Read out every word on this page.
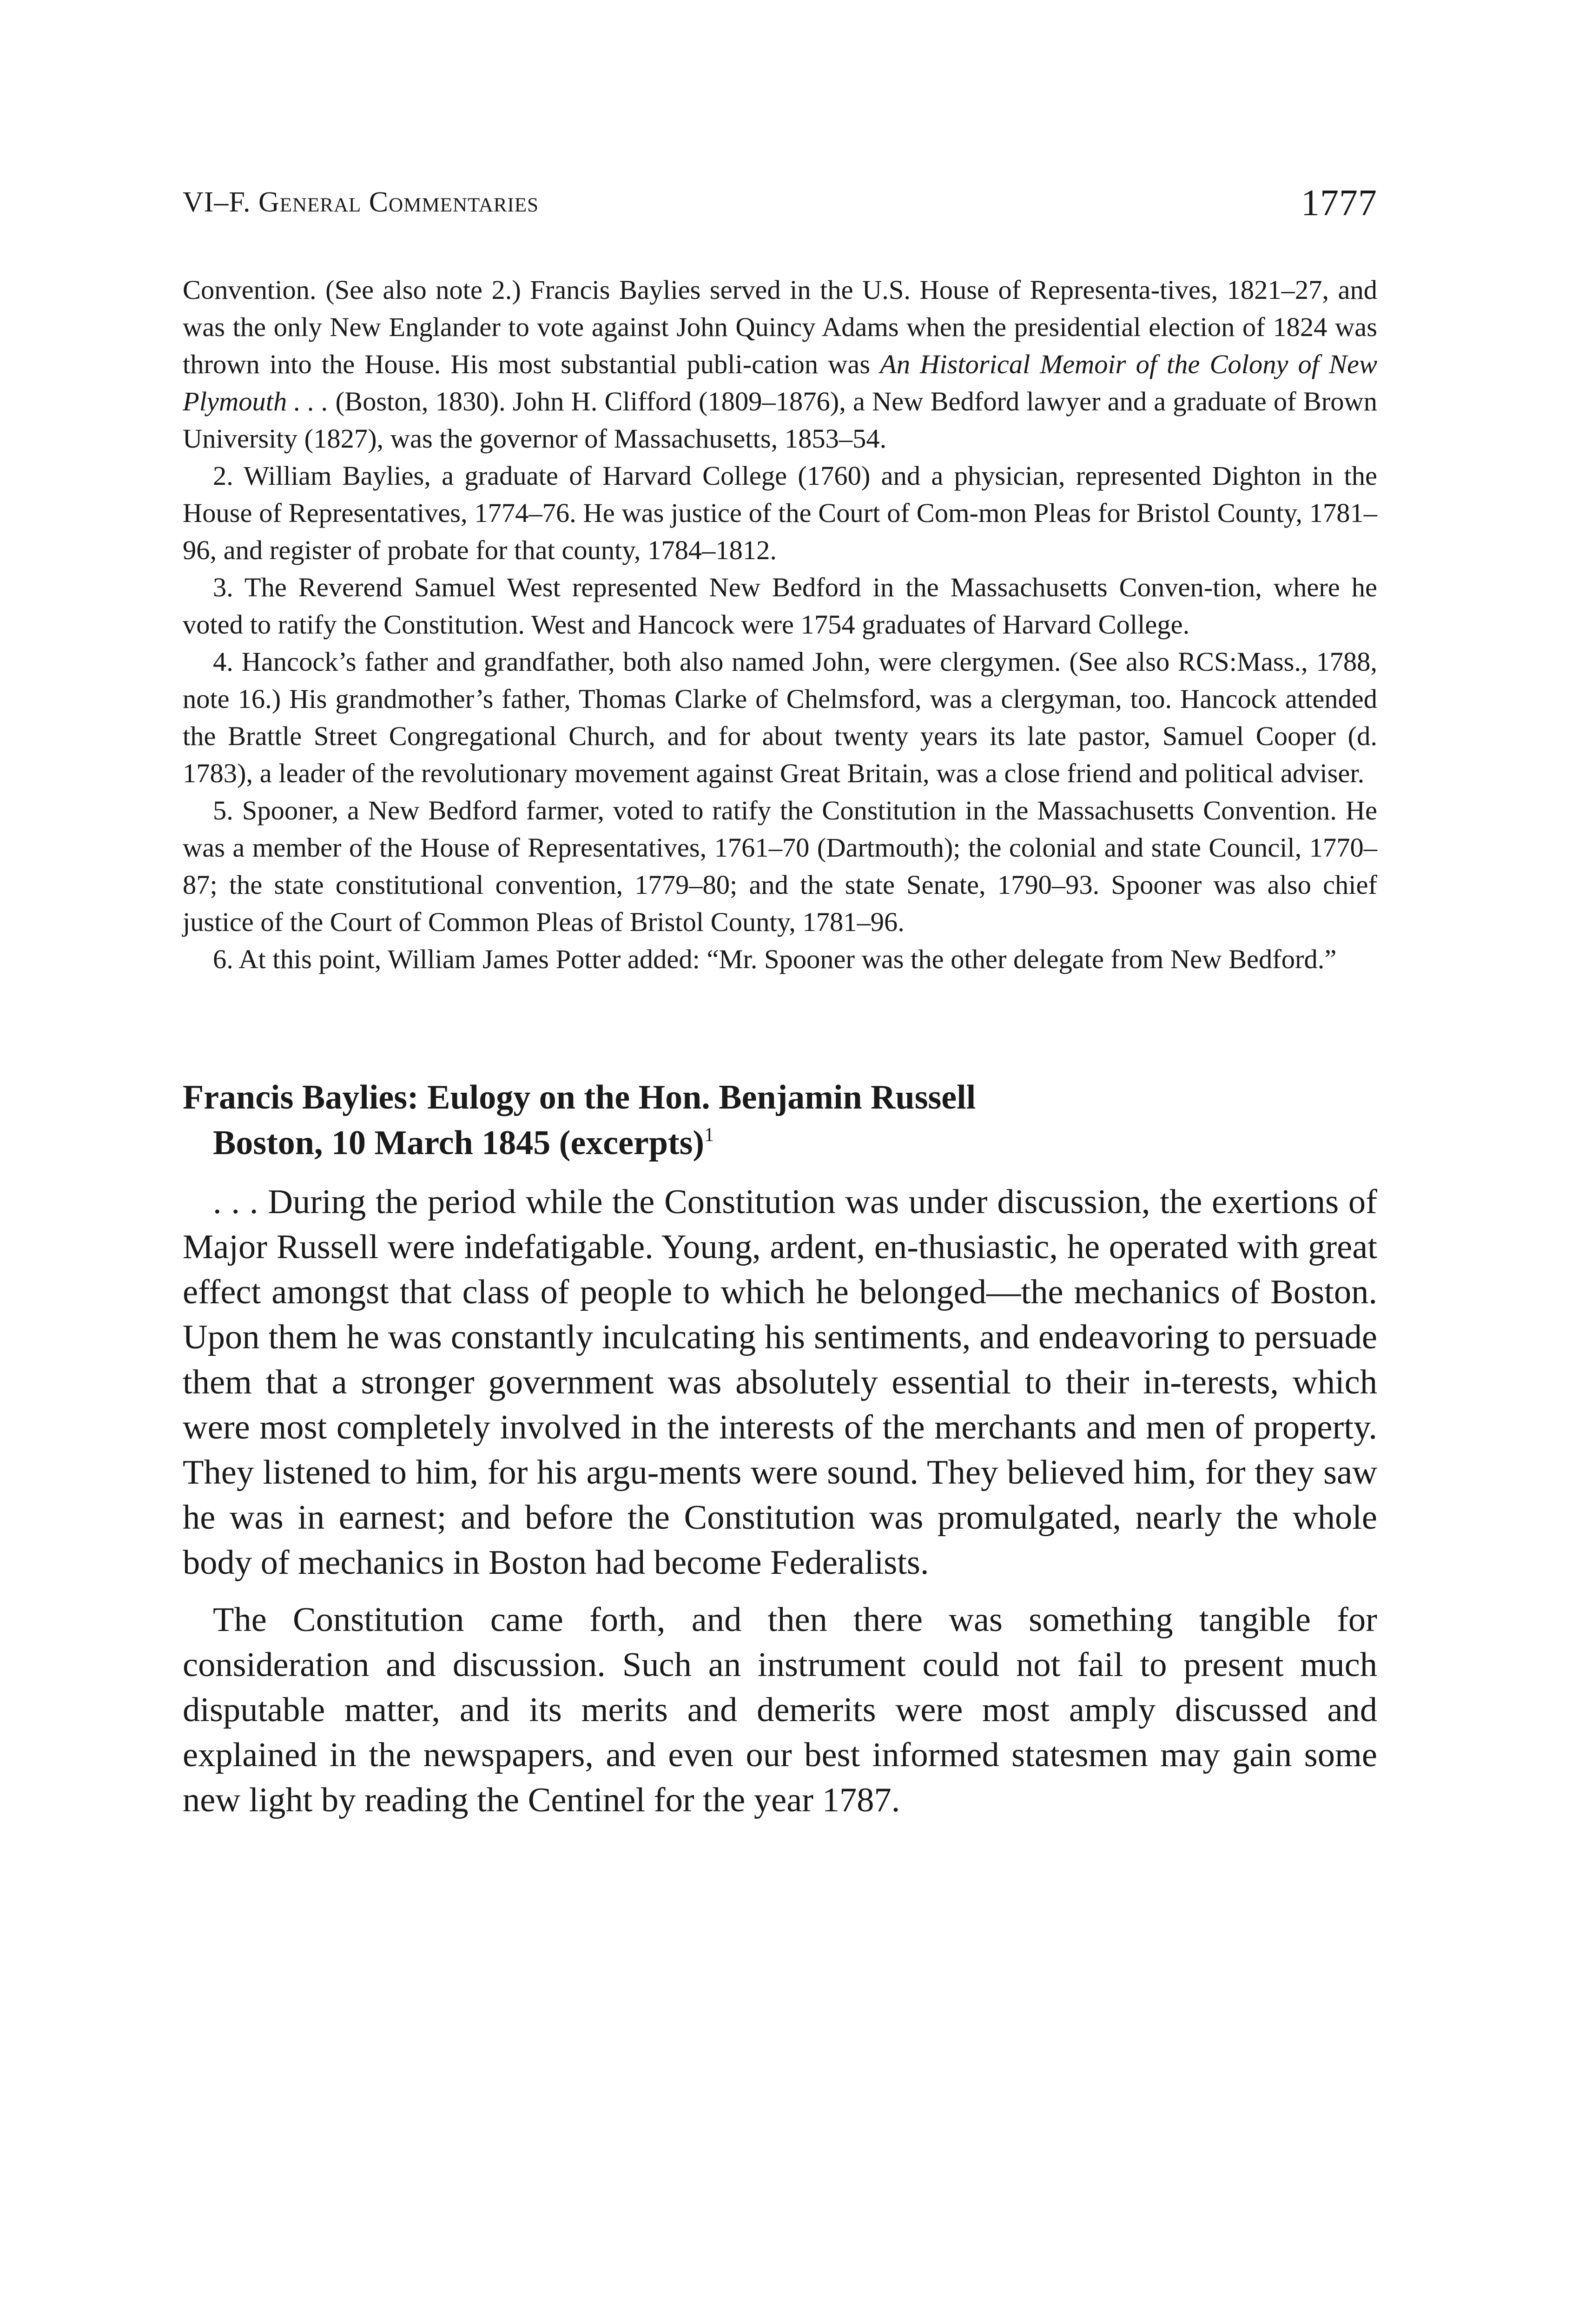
VI–F. General Commentaries	1777

Convention. (See also note 2.) Francis Baylies served in the U.S. House of Representa-tives, 1821–27, and was the only New Englander to vote against John Quincy Adams when the presidential election of 1824 was thrown into the House. His most substantial publi-cation was An Historical Memoir of the Colony of New Plymouth . . . (Boston, 1830). John H. Clifford (1809–1876), a New Bedford lawyer and a graduate of Brown University (1827), was the governor of Massachusetts, 1853–54.

2. William Baylies, a graduate of Harvard College (1760) and a physician, represented Dighton in the House of Representatives, 1774–76. He was justice of the Court of Com-mon Pleas for Bristol County, 1781–96, and register of probate for that county, 1784–1812.

3. The Reverend Samuel West represented New Bedford in the Massachusetts Conven-tion, where he voted to ratify the Constitution. West and Hancock were 1754 graduates of Harvard College.

4. Hancock’s father and grandfather, both also named John, were clergymen. (See also RCS:Mass., 1788, note 16.) His grandmother’s father, Thomas Clarke of Chelmsford, was a clergyman, too. Hancock attended the Brattle Street Congregational Church, and for about twenty years its late pastor, Samuel Cooper (d. 1783), a leader of the revolutionary movement against Great Britain, was a close friend and political adviser.

5. Spooner, a New Bedford farmer, voted to ratify the Constitution in the Massachusetts Convention. He was a member of the House of Representatives, 1761–70 (Dartmouth); the colonial and state Council, 1770–87; the state constitutional convention, 1779–80; and the state Senate, 1790–93. Spooner was also chief justice of the Court of Common Pleas of Bristol County, 1781–96.

6. At this point, William James Potter added: “Mr. Spooner was the other delegate from New Bedford.”

Francis Baylies: Eulogy on the Hon. Benjamin Russell
Boston, 10 March 1845 (excerpts)$^1$

. . . During the period while the Constitution was under discussion, the exertions of Major Russell were indefatigable. Young, ardent, en-thusiastic, he operated with great effect amongst that class of people to which he belonged—the mechanics of Boston. Upon them he was constantly inculcating his sentiments, and endeavoring to persuade them that a stronger government was absolutely essential to their in-terests, which were most completely involved in the interests of the merchants and men of property. They listened to him, for his argu-ments were sound. They believed him, for they saw he was in earnest; and before the Constitution was promulgated, nearly the whole body of mechanics in Boston had become Federalists.

The Constitution came forth, and then there was something tangible for consideration and discussion. Such an instrument could not fail to present much disputable matter, and its merits and demerits were most amply discussed and explained in the newspapers, and even our best informed statesmen may gain some new light by reading the Centinel for the year 1787.
